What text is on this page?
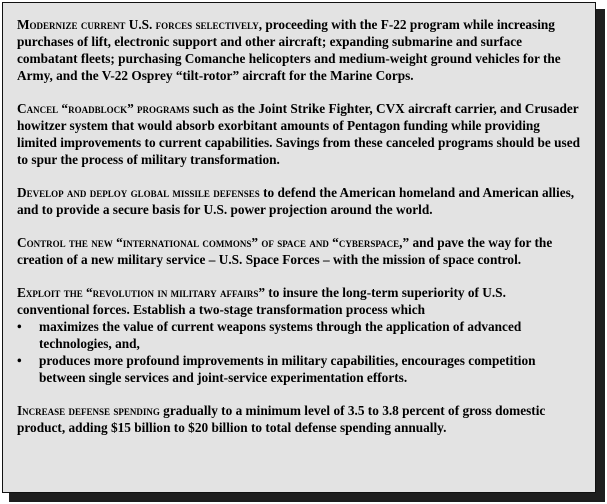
Modernize current U.S. forces selectively, proceeding with the F-22 program while increasing purchases of lift, electronic support and other aircraft; expanding submarine and surface combatant fleets; purchasing Comanche helicopters and medium-weight ground vehicles for the Army, and the V-22 Osprey “tilt-rotor” aircraft for the Marine Corps.

Cancel “roadblock” programs such as the Joint Strike Fighter, CVX aircraft carrier, and Crusader howitzer system that would absorb exorbitant amounts of Pentagon funding while providing limited improvements to current capabilities. Savings from these canceled programs should be used to spur the process of military transformation.

Develop and deploy global missile defenses to defend the American homeland and American allies, and to provide a secure basis for U.S. power projection around the world.

Control the new “international commons” of space and “cyberspace,” and pave the way for the creation of a new military service – U.S. Space Forces – with the mission of space control.

Exploit the “revolution in military affairs” to insure the long-term superiority of U.S. conventional forces. Establish a two-stage transformation process which
•	maximizes the value of current weapons systems through the application of advanced technologies, and,
•	produces more profound improvements in military capabilities, encourages competition between single services and joint-service experimentation efforts.

Increase defense spending gradually to a minimum level of 3.5 to 3.8 percent of gross domestic product, adding $15 billion to $20 billion to total defense spending annually.
